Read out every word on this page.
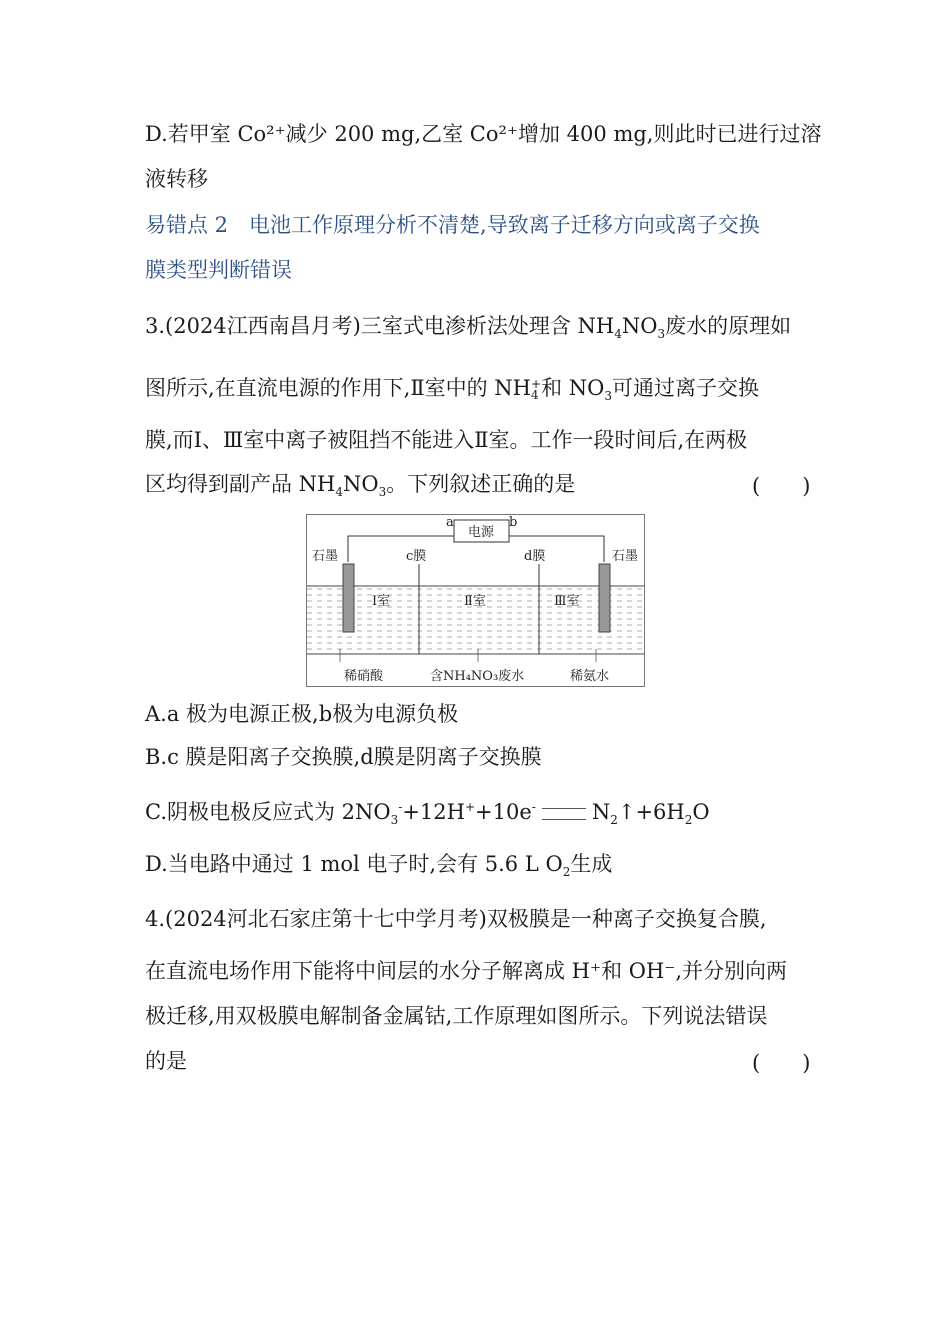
D.若甲室 Co²⁺减少 200 mg,乙室 Co²⁺增加 400 mg,则此时已进行过溶
液转移
易错点 2　电池工作原理分析不清楚,导致离子迁移方向或离子交换
膜类型判断错误
3.(2024江西南昌月考)三室式电渗析法处理含 $NH_4NO_3$废水的原理如
图所示,在直流电源的作用下,Ⅱ室中的 NH +
4 和 $NO_3$可通过离子交换
膜,而Ⅰ、Ⅲ室中离子被阻挡不能进入Ⅱ室。工作一段时间后,在两极
区均得到副产品 $NH_4NO_3$。下列叙述正确的是	(　　)
电源
a	b
石墨	石墨
c膜	d膜
Ⅰ室	Ⅱ室	Ⅲ室
稀硝酸	含NH₄NO₃废水	稀氨水
A.a 极为电源正极,b极为电源负极
B.c 膜是阳离子交换膜,d膜是阴离子交换膜
C.阴极电极反应式为 $2NO_3^-+12H^++10e^-$	$N_2↑+6H_2O$
D.当电路中通过 1 mol 电子时,会有 5.6 L $O_2$生成
4.(2024河北石家庄第十七中学月考)双极膜是一种离子交换复合膜,
在直流电场作用下能将中间层的水分子解离成 H⁺和 OH⁻,并分别向两
极迁移,用双极膜电解制备金属钴,工作原理如图所示。下列说法错误
的是	(　　)
